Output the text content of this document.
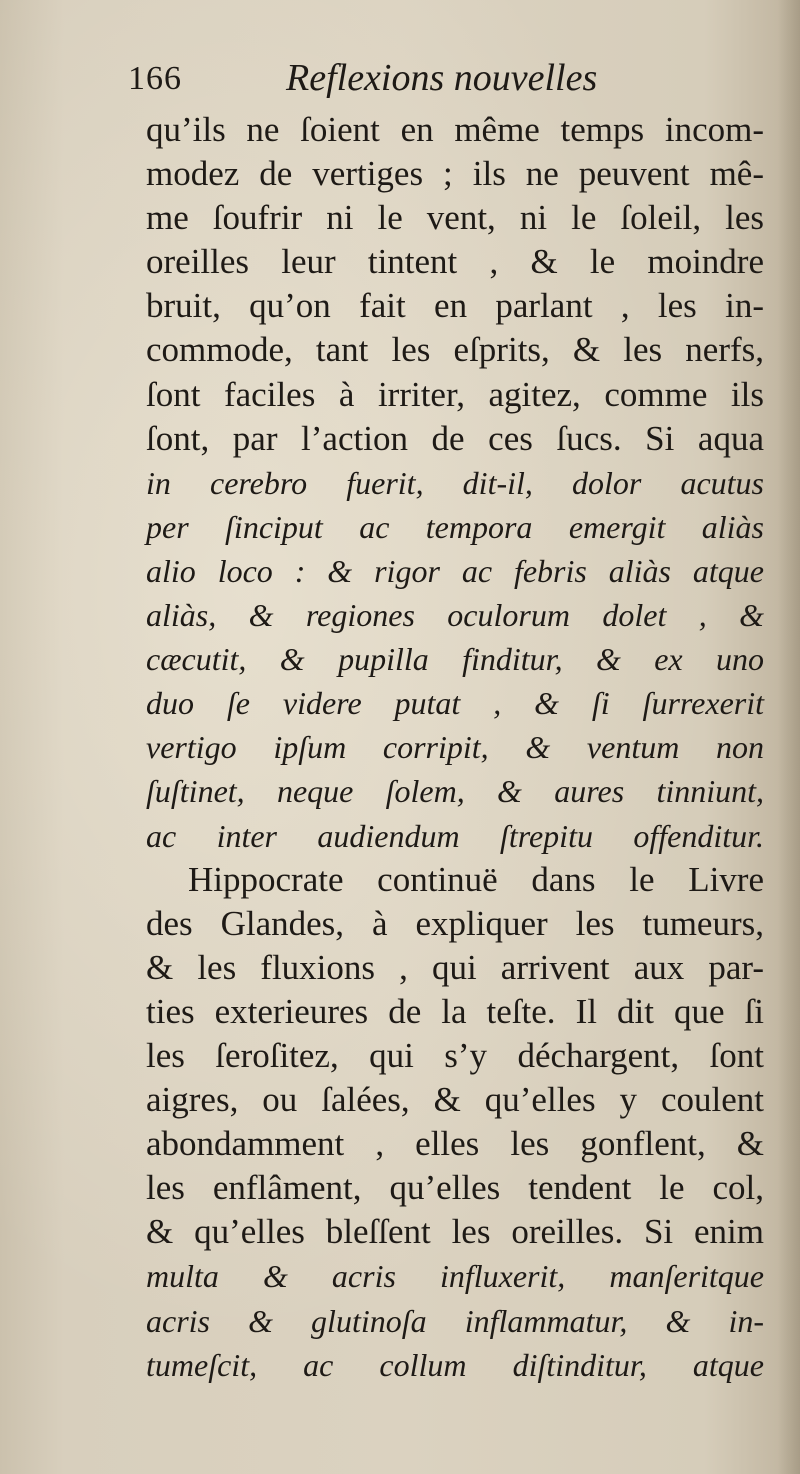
166	Reflexions nouvelles
qu’ils ne ſoient en même temps incom-
modez de vertiges ; ils ne peuvent mê-
me ſoufrir ni le vent, ni le ſoleil, les
oreilles leur tintent , & le moindre
bruit, qu’on fait en parlant , les in-
commode, tant les eſprits, & les nerfs,
ſont faciles à irriter, agitez, comme ils
ſont, par l’action de ces ſucs. Si aqua
in cerebro fuerit, dit-il, dolor acutus
per ſinciput ac tempora emergit aliàs
alio loco : & rigor ac febris aliàs atque
aliàs, & regiones oculorum dolet , &
cæcutit, & pupilla finditur, & ex uno
duo ſe videre putat , & ſi ſurrexerit
vertigo ipſum corripit, & ventum non
ſuſtinet, neque ſolem, & aures tinniunt,
ac inter audiendum ſtrepitu offenditur.
Hippocrate continuë dans le Livre
des Glandes, à expliquer les tumeurs,
& les fluxions , qui arrivent aux par-
ties exterieures de la teſte. Il dit que ſi
les ſeroſitez, qui s’y déchargent, ſont
aigres, ou ſalées, & qu’elles y coulent
abondamment , elles les gonflent, &
les enflâment, qu’elles tendent le col,
& qu’elles bleſſent les oreilles. Si enim
multa & acris influxerit, manſeritque
acris & glutinoſa inflammatur, & in-
tumeſcit, ac collum diſtinditur, atque
